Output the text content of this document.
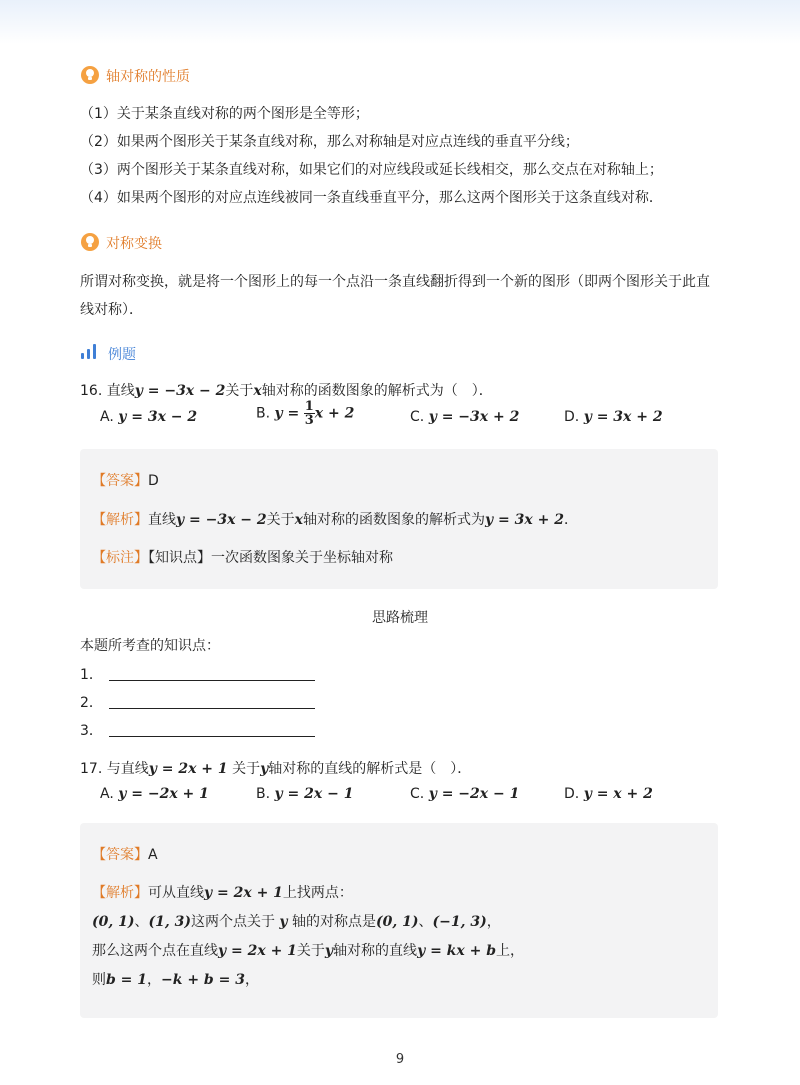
轴对称的性质
（1）关于某条直线对称的两个图形是全等形；
（2）如果两个图形关于某条直线对称，那么对称轴是对应点连线的垂直平分线；
（3）两个图形关于某条直线对称，如果它们的对应线段或延长线相交，那么交点在对称轴上；
（4）如果两个图形的对应点连线被同一条直线垂直平分，那么这两个图形关于这条直线对称．
对称变换
所谓对称变换，就是将一个图形上的每一个点沿一条直线翻折得到一个新的图形（即两个图形关于此直
线对称）．
例题
16. 直线y = −3x − 2关于x轴对称的函数图象的解析式为（　）．
A. y = 3x − 2	B. $y = \frac{1}{3}$ x + 2	C. y = −3x + 2	D. y = 3x + 2
【答案】D
【解析】直线y = −3x − 2关于x轴对称的函数图象的解析式为y = 3x + 2．
【标注】【知识点】一次函数图象关于坐标轴对称
思路梳理
本题所考查的知识点：
1．
2．
3．
17. 与直线y = 2x + 1 关于y轴对称的直线的解析式是（　）．
A. y = −2x + 1	B. y = 2x − 1	C. y = −2x − 1	D. y = x + 2
【答案】A
【解析】可从直线y = 2x + 1上找两点：
(0, 1)、(1, 3)这两个点关于 y 轴的对称点是(0, 1)、(−1, 3)，
那么这两个点在直线y = 2x + 1关于y轴对称的直线y = kx + b上，
则b = 1，−k + b = 3，
9
